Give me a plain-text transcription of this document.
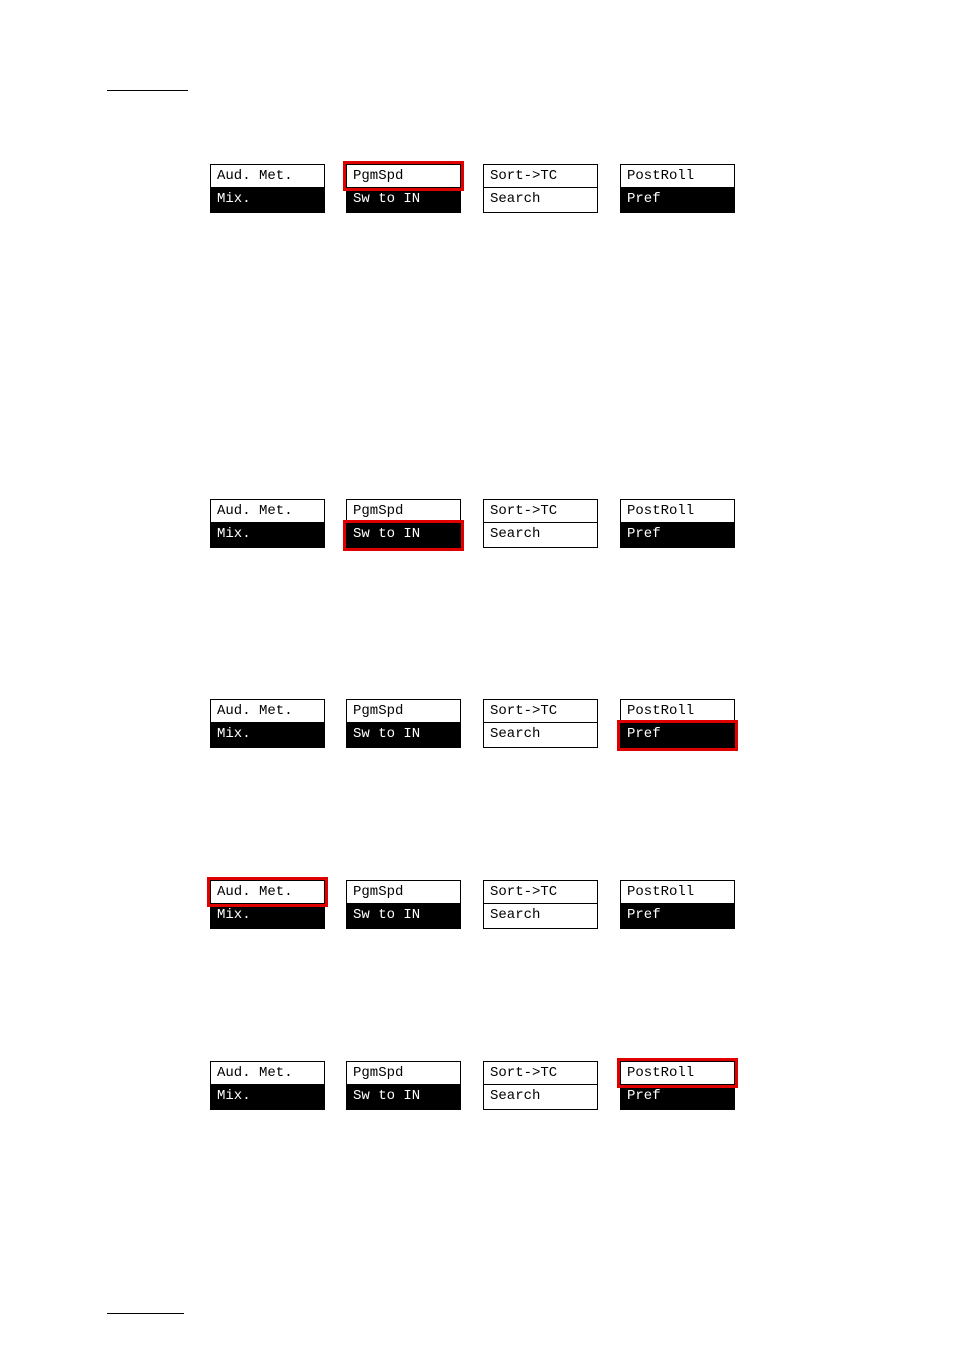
Aud. Met.
Mix.
PgmSpd
Sw to IN
Sort->TC
Search
PostRoll
Pref
Aud. Met.
Mix.
PgmSpd
Sw to IN
Sort->TC
Search
PostRoll
Pref
Aud. Met.
Mix.
PgmSpd
Sw to IN
Sort->TC
Search
PostRoll
Pref
Aud. Met.
Mix.
PgmSpd
Sw to IN
Sort->TC
Search
PostRoll
Pref
Aud. Met.
Mix.
PgmSpd
Sw to IN
Sort->TC
Search
PostRoll
Pref
